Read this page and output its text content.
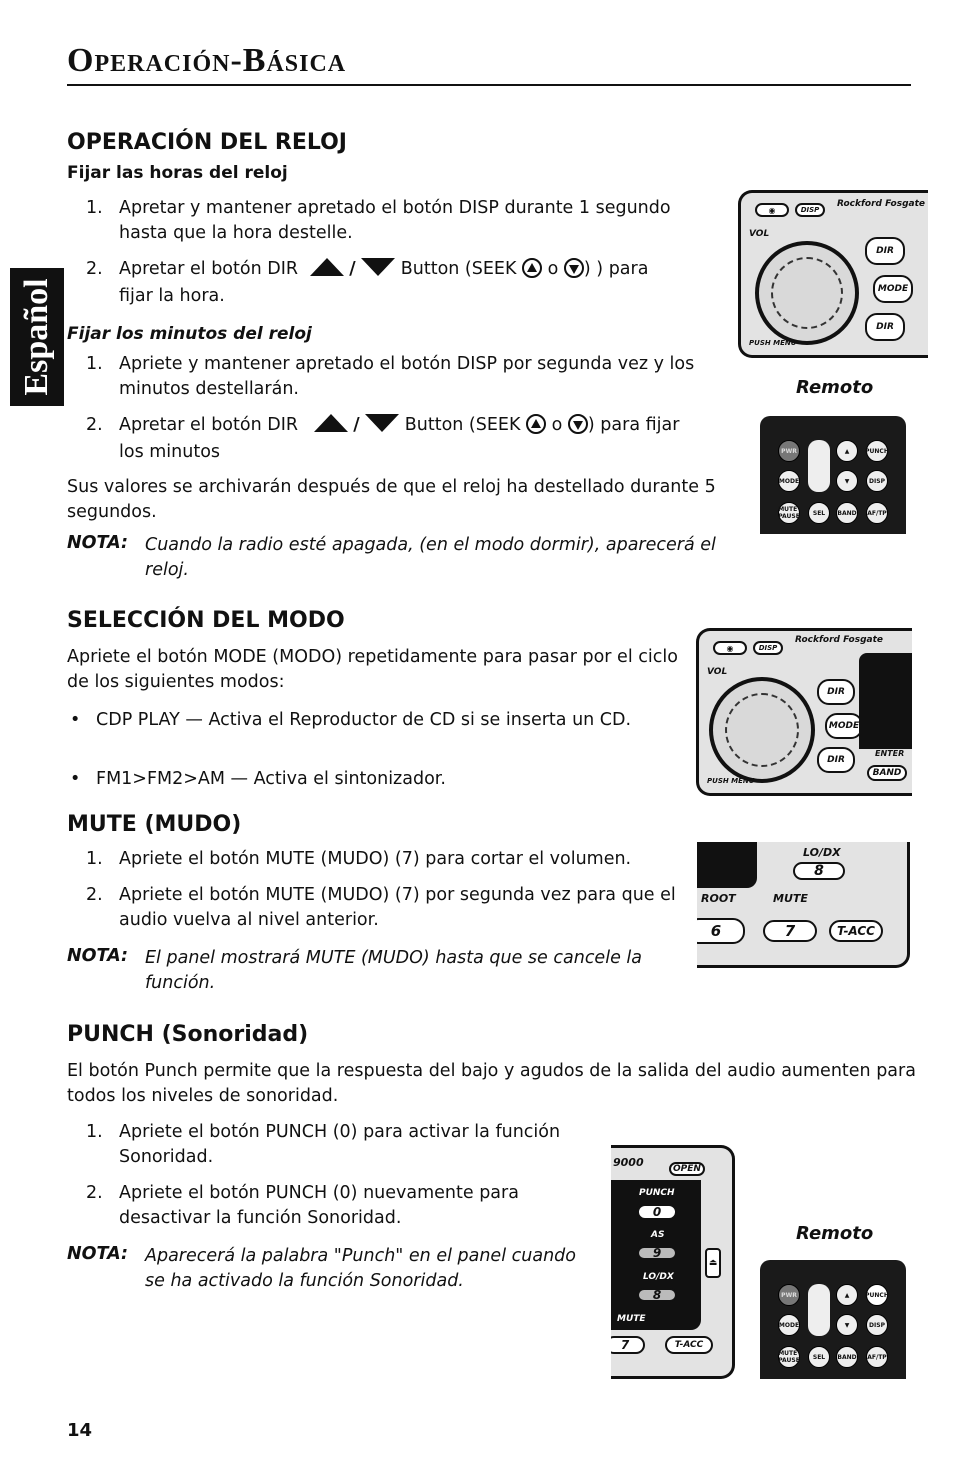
Operación-Básica
Español
OPERACIÓN DEL RELOJ
Fijar las horas del reloj
1. Apretar y mantener apretado el botón DISP durante 1 segundo hasta que la hora destelle.
2. Apretar el botón DIR	/	Button (SEEK o ) ) para
fijar la hora.
Fijar los minutos del reloj
1. Apriete y mantener apretado el botón DISP por segunda vez y los minutos destellarán.
2. Apretar el botón DIR	/	Button (SEEK o ) para fijar
los minutos
Sus valores se archivarán después de que el reloj ha destellado durante 5 segundos.
NOTA: Cuando la radio esté apagada, (en el modo dormir), aparecerá el reloj.
◉	DISP
Rockford Fosgate
VOL
DIR
MODE
DIR
PUSH MENU
Remoto
PWR
MODE
▲
▼
PUNCH
DISP
MUTE PAUSE	SEL	BAND AF/TP
SELECCIÓN DEL MODO
Apriete el botón MODE (MODO) repetidamente para pasar por el ciclo de los siguientes modos:
• CDP PLAY — Activa el Reproductor de CD si se inserta un CD.
• FM1>FM2>AM — Activa el sintonizador.
◉	DISP
Rockford Fosgate
VOL
DIR
MODE
DIR
ENTER
BAND
PUSH MENU
MUTE (MUDO)
1. Apriete el botón MUTE (MUDO) (7) para cortar el volumen.
2. Apriete el botón MUTE (MUDO) (7) por segunda vez para que el audio vuelva al nivel anterior.
NOTA: El panel mostrará MUTE (MUDO) hasta que se cancele la función.
LO/DX
8
ROOT	MUTE
6	7	T-ACC
PUNCH (Sonoridad)
El botón Punch permite que la respuesta del bajo y agudos de la salida del audio aumenten para todos los niveles de sonoridad.
1. Apriete el botón PUNCH (0) para activar la función Sonoridad.
2. Apriete el botón PUNCH (0) nuevamente para desactivar la función Sonoridad.
NOTA: Aparecerá la palabra "Punch" en el panel cuando se ha activado la función Sonoridad.
9000	OPEN
PUNCH
0
AS
9
LO/DX
8
MUTE
⏏
7	T-ACC
Remoto
PWR
MODE
▲
▼
PUNCH
DISP
MUTE PAUSE	SEL	BAND AF/TP
14
